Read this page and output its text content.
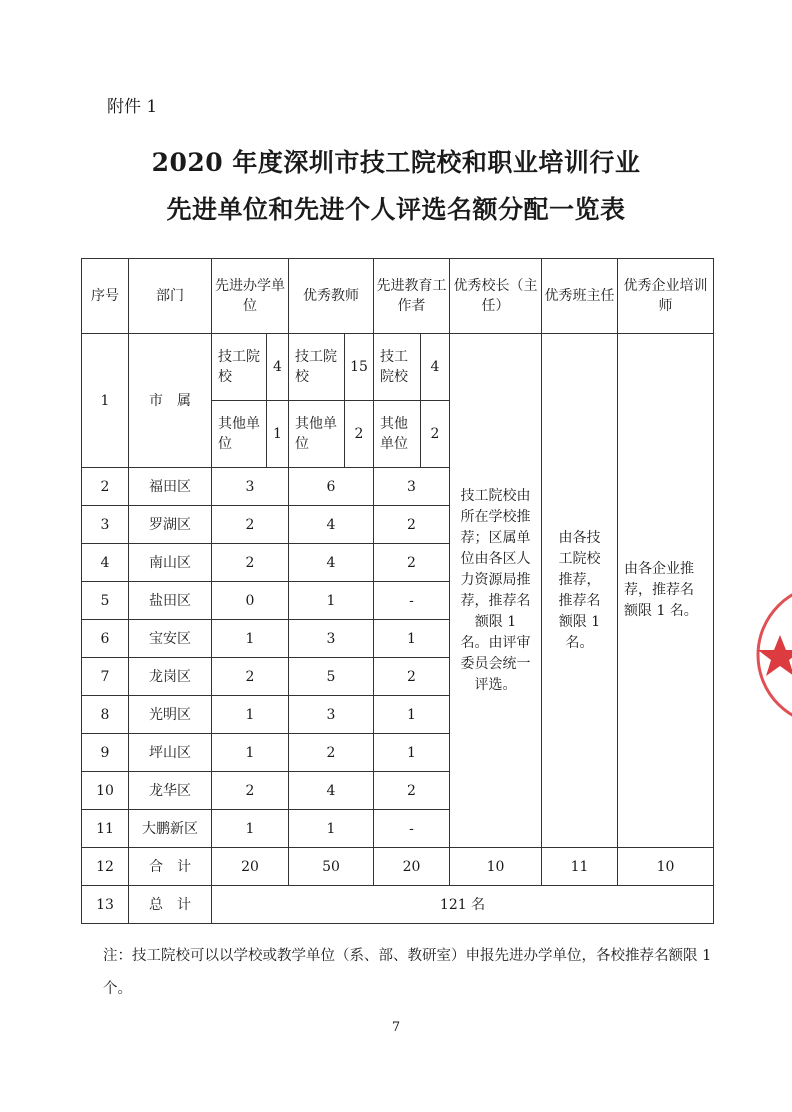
附件 1
2020 年度深圳市技工院校和职业培训行业
先进单位和先进个人评选名额分配一览表
序号	部门	先进办学单位		优秀教师		先进教育工作者		优秀校长（主任）	优秀班主任	优秀企业培训师
1	市　属	技工院校	4	技工院校	15	技工院校	4	技工院校由所在学校推荐；区属单位由各区人力资源局推荐，推荐名额限 1 名。由评审委员会统一评选。	由各技工院校推荐，推荐名额限 1 名。	由各企业推荐，推荐名额限 1 名。

		其他单位	1	其他单位	2	其他单位	2			
2	福田区	3		6		3				
3	罗湖区	2		4		2				
4	南山区	2		4		2				
5	盐田区	0		1		-				
6	宝安区	1		3		1				
7	龙岗区	2		5		2				
8	光明区	1		3		1				
9	坪山区	1		2		1				
10	龙华区	2		4		2				
11	大鹏新区	1		1		-				
12	合　计	20		50		20		10	11	10
13	总　计	121 名								
注：技工院校可以以学校或教学单位（系、部、教研室）申报先进办学单位，各校推荐名额限 1 个。
7
